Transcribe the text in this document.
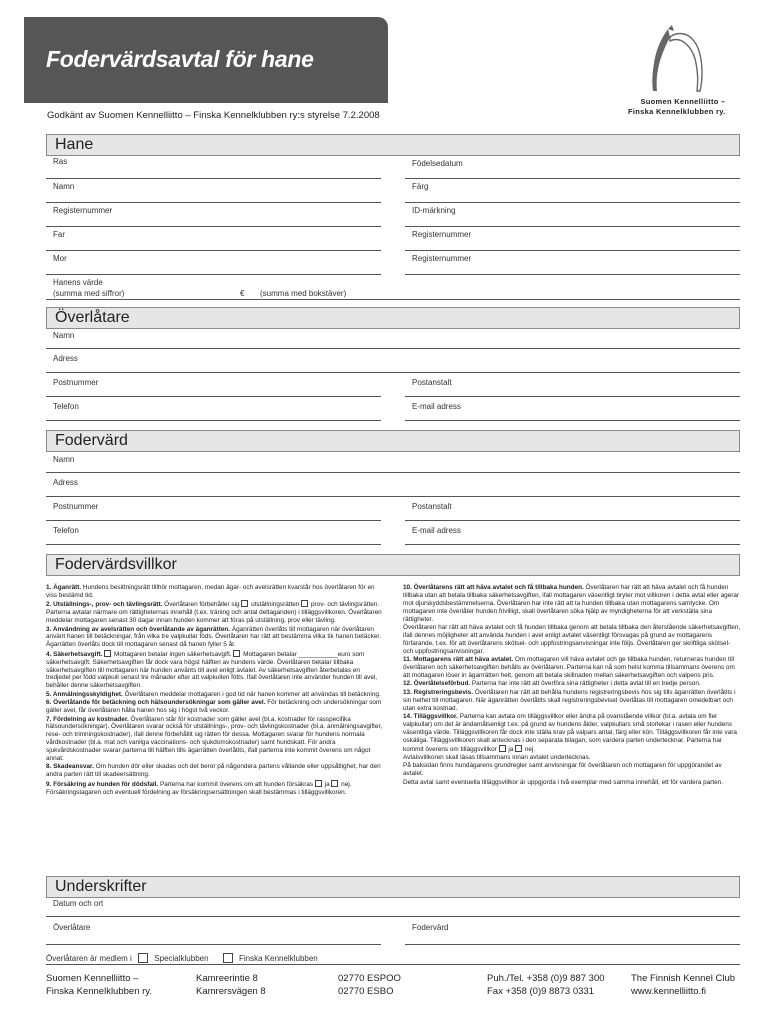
Fodervärdsavtal för hane
Godkänt av Suomen Kennelliitto – Finska Kennelklubben ry:s styrelse 7.2.2008
Suomen Kennelliitto –
Finska Kennelklubben ry.
Hane
Ras	Födelsedatum
Namn	Färg
Registernummer	ID-märkning
Far	Registernummer
Mor	Registernummer
Hanens värde
(summa med siffror)	€ (summa med bokstäver)
Överlåtare
Namn
Adress
Postnummer	Postanstalt
Telefon	E-mail adress
Fodervärd
Namn
Adress
Postnummer	Postanstalt
Telefon	E-mail adress
Fodervärdsvillkor

1. Äganrätt. Hundens besittningsrätt tillhör mottagaren, medan ägar- och avelsrätten kvarstår hos överlåtaren för en viss bestämd tid.

2. Utställnings-, prov- och tävlingsrätt. Överlåtaren förbehåller sig  utställningsrätten  prov- och tävlingsrätten. Parterna avtalar närmare om rättigheternas innehåll (t.ex. träning och antal deltaganden) i tilläggsvillkoren. Överlåtaren meddelar mottagaren senast 30 dagar innan hunden kommer att föras på utställning, prov eller tävling.

3. Användning av avelsrätten och överlåtande av äganrätten. Äganrätten överlåts till mottagaren när överlåtaren använt hanen till betäckningar, från vilka tre valpkullar föds. Överlåtaren har rätt att bestämma vilka tik hanen betäcker. Ägarrätten överlåts dock till mottagaren senast då hanen fyller 5 år.

4. Säkerhetsavgift.  Mottagaren betalar ingen säkerhetsavgift.  Mottagaren betalar ___________euro som säkerhetsavgift. Säkerhetsavgiften får dock vara högst hälften av hundens värde. Överlåtaren betalar tillbaka säkerhetsavgiften till mottagaren när hunden använts till avel enligt avtalet. Av säkerhetsavgiften återbetalas en tredjedel per född valpkull senast tre månader efter att valpkullen fötts. Ifall överlåtaren inte använder hunden till avel, behåller denne säkerhetsavgiften.

5. Anmälningsskyldighet. Överlåtaren meddelar mottagaren i god tid när hanen kommer att användas till betäckning.

6. Överlåtande för betäckning och hälsoundersökningar som gäller avel. För betäckning och undersökningar som gäller avel, får överlåtaren hålla hanen hos sig i högst två veckor.

7. Fördelning av kostnader. Överlåtaren står för kostnader som gäller avel (bl.a. kostnader för rasspecifika hälsoundersökningar). Överlåtaren svarar också för utställnings-, prov- och tävlingskostnader (bl.a. anmälningsavgifter, rese- och trimningskostnader), ifall denne förbehållit sig rätten för dessa. Mottagaren svarar för hundens normala vårdkostnader (bl.a. mat och vanliga vaccinations- och sjukdomskostnader) samt hundskatt. För andra sjukvårdskostnader svarar parterna till hälften tills ägarrätten överlåtits, ifall parterna inte kommit överens om något annat.

8. Skadeansvar. Om hunden dör eller skadas och det beror på någondera partens vållande eller uppsåtlighet, har den andra parten rätt till skadeersättning.

9. Försäkring av hunden för dödsfall. Parterna har kommit överens om att hunden försäkras  ja  nej. Försäkringstagaren och eventuell fördelning av försäkringsersättningen skall bestämmas i tilläggsvillkoren.

10. Överlåtarens rätt att häva avtalet och få tillbaka hunden. Överlåtaren har rätt att häva avtalet och få hunden tillbaka utan att betala tillbaka säkerhetsavgiften, ifall mottagaren väsentligt bryter mot villkoren i detta avtal eller agerar mot djurskyddsbestämmelserna. Överlåtaren har inte rätt att ta hunden tillbaka utan mottagarens samtycke. Om mottagaren inte överlåter hunden frivilligt, skall överlåtaren söka hjälp av myndigheterna för att verkställa sina rättigheter.

Överlåtaren har rätt att häva avtalet och få hunden tillbaka genom att betala tillbaka den återstående säkerhetsavgiften, ifall dennes möjligheter att använda hunden i avel enligt avtalet väsentligt försvagas på grund av mottagarens förfarande, t.ex. för att överlåtarens skötsel- och uppfostringsanvisningar inte följs. Överlåtaren ger skriftliga skötsel- och uppfostringsanvisningar.

11. Mottagarens rätt att häva avtalet. Om mottagaren vill häva avtalet och ge tillbaka hunden, returneras hunden till överlåtaren och säkerhetsavgiften behålls av överlåtaren. Parterna kan nå som helst komma tillsammans överens om att mottagaren löser in äganrätten helt, genom att betala skillnaden mellan säkerhetsavgiften och valpens pris.

12. Överlåtelseförbud. Parterna har inte rätt att överföra sina rättigheter i detta avtal till en tredje person.

13. Registreringsbevis. Överlåtaren har rätt att behålla hundens registreringsbevis hos sig tills äganrätten överlåtits i sin helhet till mottagaren. När äganrätten överlåtits skall registreringsbeviset överlåtas till mottagaren omedelbart och utan extra kostnad.

14. Tilläggsvillkor. Parterna kan avtala om tilläggsvillkor eller ändra på ovanstående villkor (bl.a. avtala om fler valpkullar) om det är ändamålsenligt t.ex. på grund av hundens ålder, valpkullars små storlekar i rasen eller hundens väsentliga värde. Tilläggsvillkoren får dock inte ställa krav på valpars antal, färg eller kön. Tilläggsvillkoren får inte vara oskäliga. Tilläggsvillkoren skall antecknas i den separata bilagan, som vardera parten undertecknar. Parterna har kommit överens om tilläggsvillkor  ja  nej.

Avtalsvillkoren skall läsas tillsammans innan avtalet undertecknas.

På baksidan finns hundägarens grundregler samt anvisningar för överlåtaren och mottagaren för uppgörandet av avtalet.

Detta avtal samt eventuella tilläggsvillkor är uppgjorda i två exemplar med samma innehåll, ett för vardera parten.

Underskrifter
Datum och ort
Överlåtare	Fodervärd
Överlåtaren är medlem i	Specialklubben	Finska Kennelklubben
Suomen Kennelliitto –
Finska Kennelklubben ry.
Kamreerintie 8
Kamrersvägen 8
02770 ESPOO
02770 ESBO
Puh./Tel. +358 (0)9 887 300
Fax +358 (0)9 8873 0331
The Finnish Kennel Club
www.kennelliitto.fi
